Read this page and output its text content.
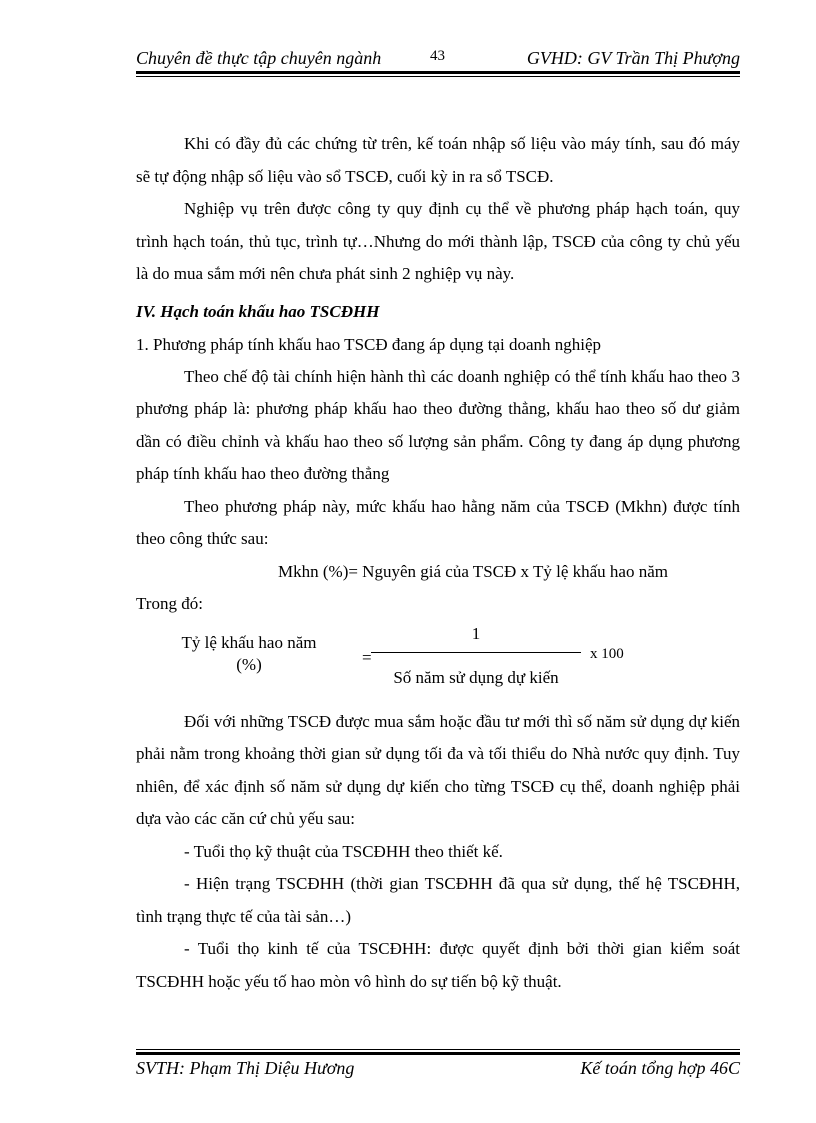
Chuyên đề thực tập chuyên ngành	43	GVHD: GV Trần Thị Phượng

Khi có đầy đủ các chứng từ trên, kế toán nhập số liệu vào máy tính, sau đó máy sẽ tự động nhập số liệu vào sổ TSCĐ, cuối kỳ in ra sổ TSCĐ.

Nghiệp vụ trên được công ty quy định cụ thể về phương pháp hạch toán, quy trình hạch toán, thủ tục, trình tự…Nhưng do mới thành lập, TSCĐ của công ty chủ yếu là do mua sắm mới nên chưa phát sinh 2 nghiệp vụ này.

IV. Hạch toán khấu hao TSCĐHH

1. Phương pháp tính khấu hao TSCĐ đang áp dụng tại doanh nghiệp

Theo chế độ tài chính hiện hành thì các doanh nghiệp có thể tính khấu hao theo 3 phương pháp là: phương pháp khấu hao theo đường thẳng, khấu hao theo số dư giảm dần có điều chỉnh và khấu hao theo số lượng sản phẩm. Công ty đang áp dụng phương pháp tính khấu hao theo đường thẳng

Theo phương pháp này, mức khấu hao hằng năm của TSCĐ (Mkhn) được tính theo công thức sau:

Mkhn (%)= Nguyên giá của TSCĐ x Tỷ lệ khấu hao năm

Trong đó:

Tỷ lệ khấu hao năm
(%)	=
1
Số năm sử dụng dự kiến
x 100

Đối với những TSCĐ được mua sắm hoặc đầu tư mới thì số năm sử dụng dự kiến phải nằm trong khoảng thời gian sử dụng tối đa và tối thiểu do Nhà nước quy định. Tuy nhiên, để xác định số năm sử dụng dự kiến cho từng TSCĐ cụ thể, doanh nghiệp phải dựa vào các căn cứ chủ yếu sau:

- Tuổi thọ kỹ thuật của TSCĐHH theo thiết kế.

- Hiện trạng TSCĐHH (thời gian TSCĐHH đã qua sử dụng, thế hệ TSCĐHH, tình trạng thực tế của tài sản…)

- Tuổi thọ kinh tế của TSCĐHH: được quyết định bởi thời gian kiểm soát TSCĐHH hoặc yếu tố hao mòn vô hình do sự tiến bộ kỹ thuật.

SVTH: Phạm Thị Diệu Hương	Kế toán tổng hợp 46C
